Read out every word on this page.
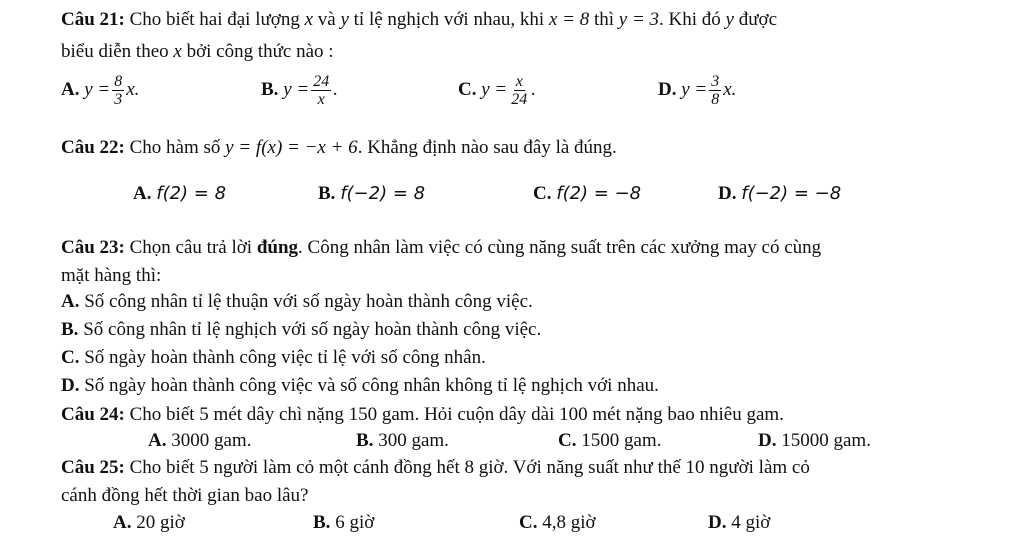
Câu 21: Cho biết hai đại lượng x và y tỉ lệ nghịch với nhau, khi x = 8 thì y = 3. Khi đó y được
biểu diễn theo x bởi công thức nào :
A. $y = \frac{8}{3} x$.	B. $y = \frac{24}{x}$ .	C. $y = \frac{x}{24}$ .	D. $y = \frac{3}{8} x$.
Câu 22: Cho hàm số y = f(x) = −x + 6. Khẳng định nào sau đây là đúng.
A. f(2) = 8	B. f(−2) = 8	C. f(2) = −8	D. f(−2) = −8
Câu 23: Chọn câu trả lời đúng. Công nhân làm việc có cùng năng suất trên các xưởng may có cùng
mặt hàng thì:
A. Số công nhân tỉ lệ thuận với số ngày hoàn thành công việc.
B. Số công nhân tỉ lệ nghịch với số ngày hoàn thành công việc.
C. Số ngày hoàn thành công việc tỉ lệ với số công nhân.
D. Số ngày hoàn thành công việc và số công nhân không tỉ lệ nghịch với nhau.
Câu 24: Cho biết 5 mét dây chì nặng 150 gam. Hỏi cuộn dây dài 100 mét nặng bao nhiêu gam.
A. 3000 gam.	B. 300 gam.	C. 1500 gam.	D. 15000 gam.
Câu 25: Cho biết 5 người làm cỏ một cánh đồng hết 8 giờ. Với năng suất như thế 10 người làm cỏ
cánh đồng hết thời gian bao lâu?
A. 20 giờ	B. 6 giờ	C. 4,8 giờ	D. 4 giờ
